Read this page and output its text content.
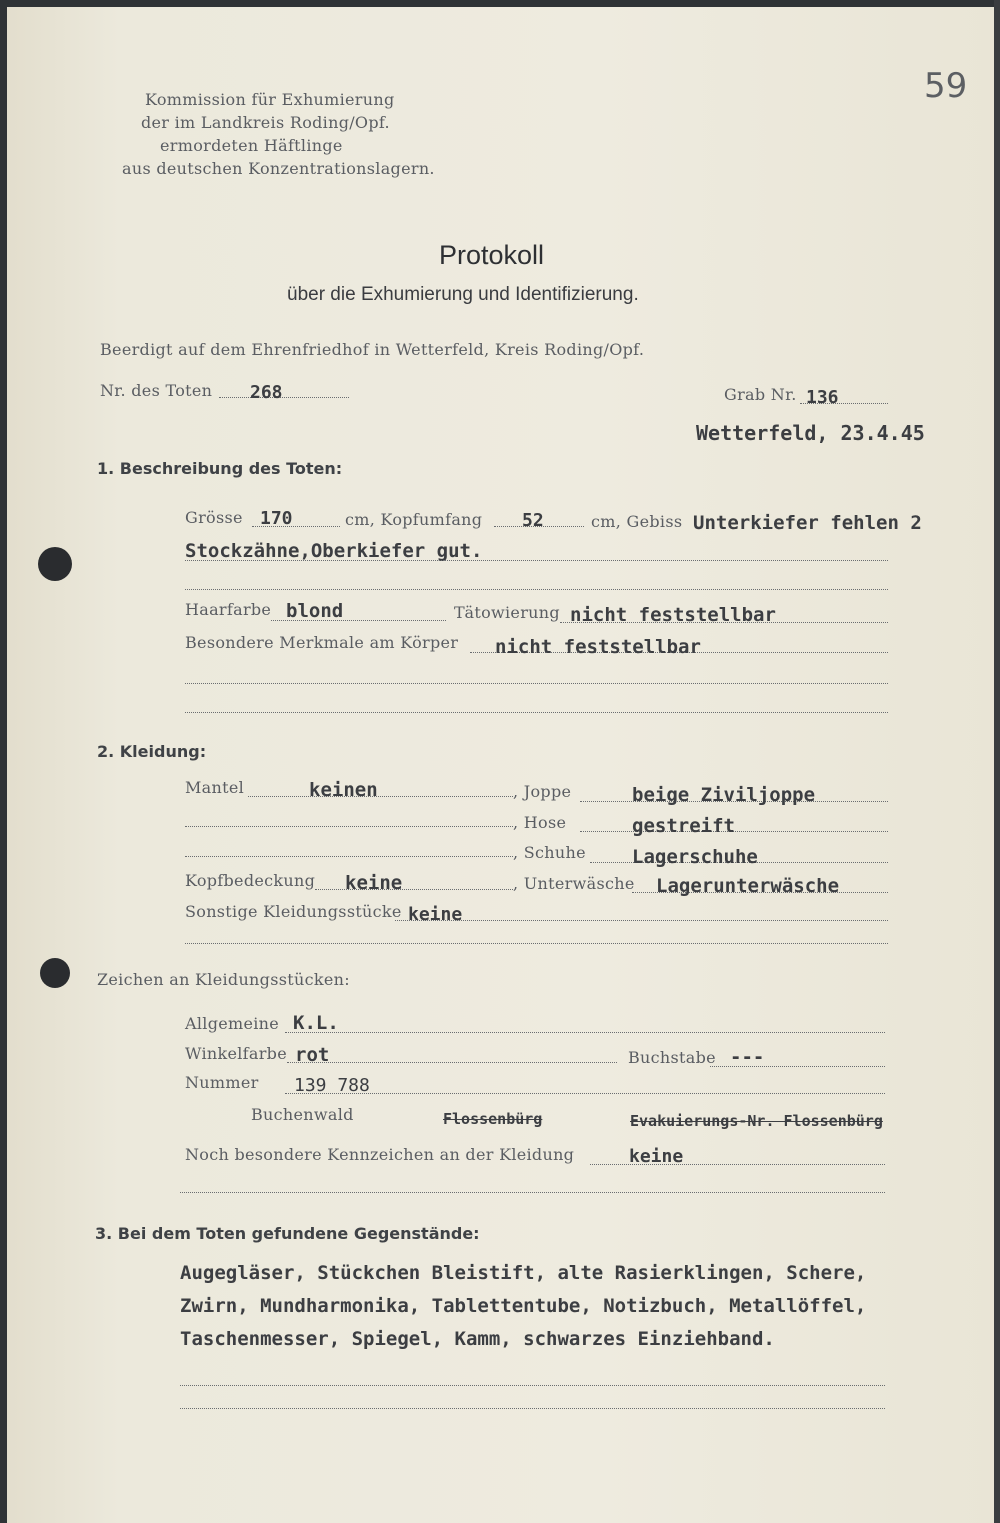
59
Kommission für Exhumierung
der im Landkreis Roding/Opf.
ermordeten Häftlinge
aus deutschen Konzentrationslagern.
Protokoll
über die Exhumierung und Identifizierung.
Beerdigt auf dem Ehrenfriedhof in Wetterfeld, Kreis Roding/Opf.
Nr. des Toten 268	Grab Nr. 136
Wetterfeld, 23.4.45
1. Beschreibung des Toten:
Grösse 170	cm, Kopfumfang 52	cm, Gebiss Unterkiefer fehlen 2
Stockzähne,Oberkiefer gut.
Haarfarbe blond	Tätowierung nicht feststellbar
Besondere Merkmale am Körper nicht feststellbar
2. Kleidung:
Mantel	keinen	, Joppe	beige Ziviljoppe
, Hose	gestreift
, Schuhe Lagerschuhe
Kopfbedeckung keine	, Unterwäsche Lagerunterwäsche
Sonstige Kleidungsstücke keine
Zeichen an Kleidungsstücken:
Allgemeine K.L.
Winkelfarbe rot	Buchstabe ---
Nummer 139 788
Buchenwald	Flossenbürg	Evakuierungs-Nr. Flossenbürg
Noch besondere Kennzeichen an der Kleidung	keine
3. Bei dem Toten gefundene Gegenstände:
Augegläser, Stückchen Bleistift, alte Rasierklingen, Schere,
Zwirn, Mundharmonika, Tablettentube, Notizbuch, Metallöffel,
Taschenmesser, Spiegel, Kamm, schwarzes Einziehband.
